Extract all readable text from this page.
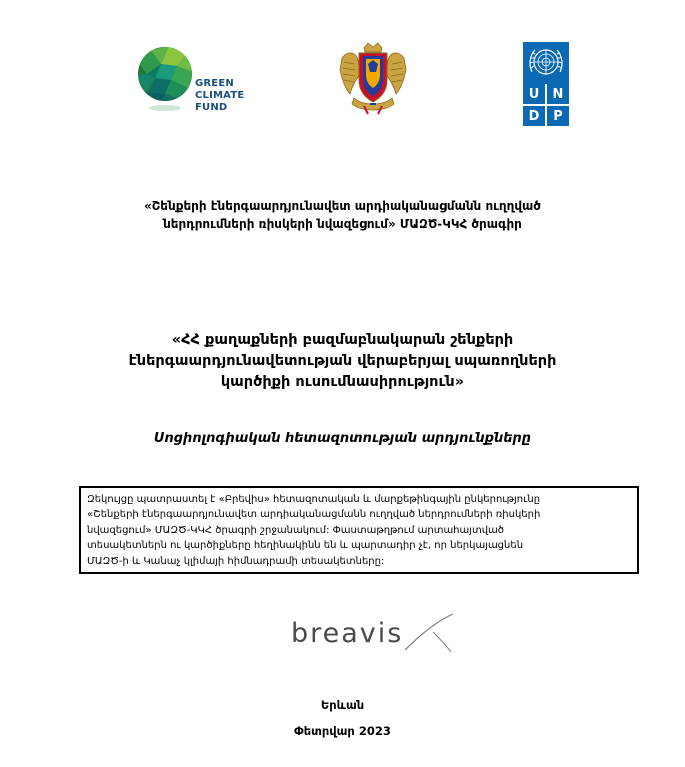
GREEN
CLIMATE
FUND
U	N
D	P
«Շենքերի էներգաարդյունավետ արդիականացմանն ուղղված
ներդրումների ռիսկերի նվազեցում» ՄԱԶԾ-ԿԿՀ ծրագիր
«ՀՀ քաղաքների բազմաբնակարան շենքերի
էներգաարդյունավետության վերաբերյալ սպառողների
կարծիքի ուսումնասիրություն»
Սոցիոլոգիական հետազոտության արդյունքները
Զեկույցը պատրաստել է «Բրեվիս» հետազոտական և մարքեթինգային ընկերությունը
«Շենքերի էներգաարդյունավետ արդիականացմանն ուղղված ներդրումների ռիսկերի
նվազեցում» ՄԱԶԾ-ԿԿՀ ծրագրի շրջանակում: Փաստաթղթում արտահայտված
տեսակետներն ու կարծիքները հեղինակինն են և պարտադիր չէ, որ ներկայացնեն
ՄԱԶԾ-ի և Կանաչ կլիմայի հիմնադրամի տեսակետները:
breavis
Երևան
Փետրվար 2023
